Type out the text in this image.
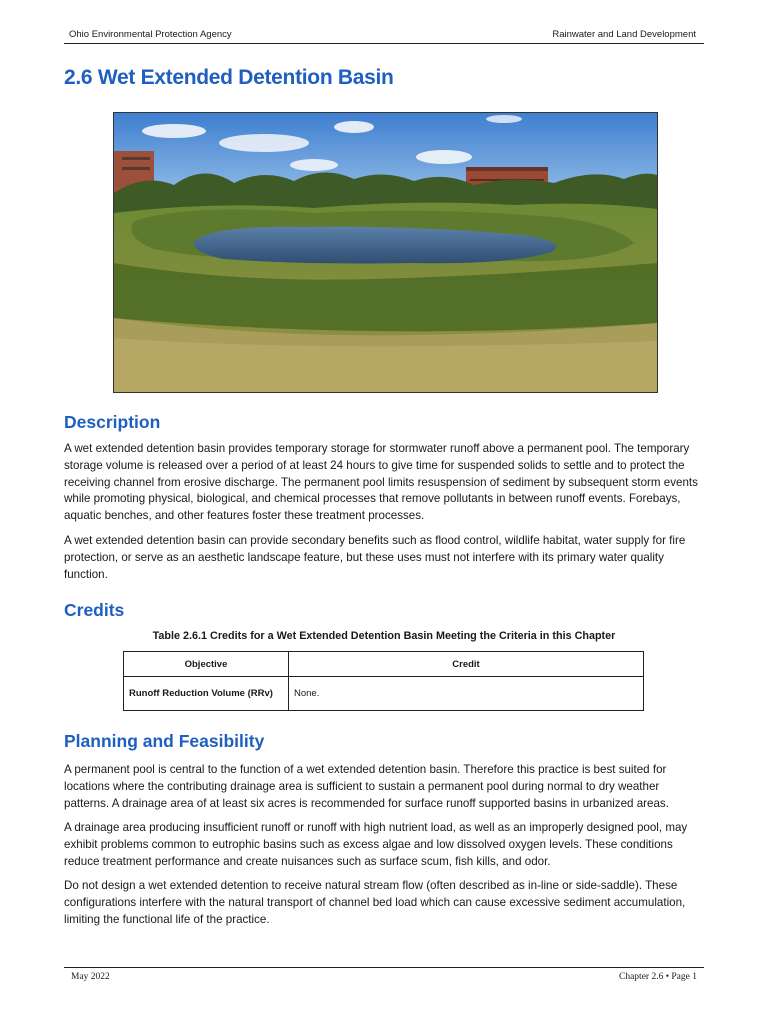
Ohio Environmental Protection Agency	Rainwater and Land Development
2.6 Wet Extended Detention Basin
Description

A wet extended detention basin provides temporary storage for stormwater runoff above a permanent pool. The temporary storage volume is released over a period of at least 24 hours to give time for suspended solids to settle and to protect the receiving channel from erosive discharge. The permanent pool limits resuspension of sediment by subsequent storm events while promoting physical, biological, and chemical processes that remove pollutants in between runoff events. Forebays, aquatic benches, and other features foster these treatment processes.

A wet extended detention basin can provide secondary benefits such as flood control, wildlife habitat, water supply for fire protection, or serve as an aesthetic landscape feature, but these uses must not interfere with its primary water quality function.

Credits
Table 2.6.1 Credits for a Wet Extended Detention Basin Meeting the Criteria in this Chapter
Objective	Credit
Runoff Reduction Volume (RRv)	None.
Planning and Feasibility

A permanent pool is central to the function of a wet extended detention basin. Therefore this practice is best suited for locations where the contributing drainage area is sufficient to sustain a permanent pool during normal to dry weather patterns. A drainage area of at least six acres is recommended for surface runoff supported basins in urbanized areas.

A drainage area producing insufficient runoff or runoff with high nutrient load, as well as an improperly designed pool, may exhibit problems common to eutrophic basins such as excess algae and low dissolved oxygen levels. These conditions reduce treatment performance and create nuisances such as surface scum, fish kills, and odor.

Do not design a wet extended detention to receive natural stream flow (often described as in-line or side-saddle). These configurations interfere with the natural transport of channel bed load which can cause excessive sediment accumulation, limiting the functional life of the practice.

May 2022	Chapter 2.6 • Page 1
